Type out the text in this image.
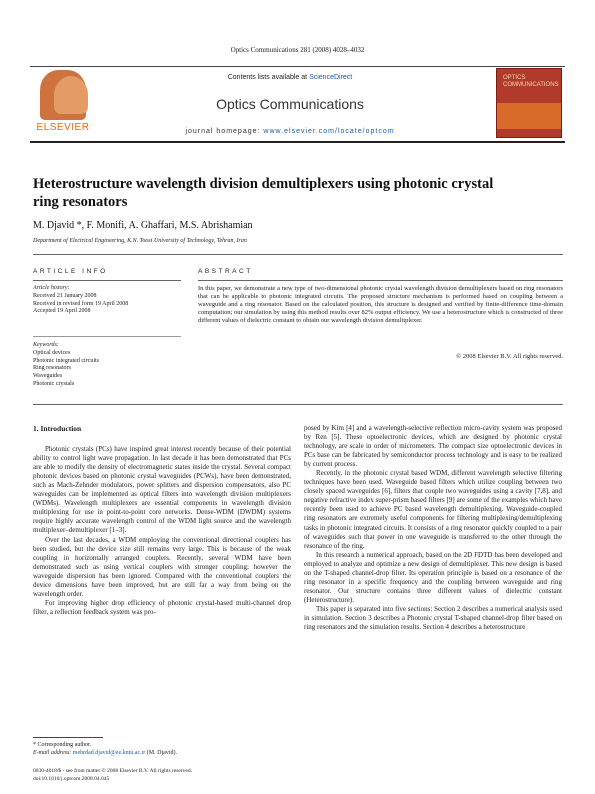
Optics Communications 281 (2008) 4028–4032
ELSEVIER
Contents lists available at ScienceDirect
Optics Communications
journal homepage: www.elsevier.com/locate/optcom
OPTICS COMMUNICATIONS
Heterostructure wavelength division demultiplexers using photonic crystal ring resonators
M. Djavid *, F. Monifi, A. Ghaffari, M.S. Abrishamian
Department of Electrical Engineering, K.N. Toosi University of Technology, Tehran, Iran
ARTICLE INFO	ABSTRACT
Article history:
Received 21 January 2008
Received in revised form 19 April 2008
Accepted 19 April 2008
Keywords:
Optical devices
Photonic integrated circuits
Ring resonators
Waveguides
Photonic crystals
In this paper, we demonstrate a new type of two-dimensional photonic crystal wavelength division demultiplexers based on ring resonators that can be applicable to photonic integrated circuits. The proposed structure mechanism is performed based on coupling between a waveguide and a ring resonator. Based on the calculated position, this structure is designed and verified by finite-difference time-domain computation; our simulation by using this method results over 82% output efficiency. We use a heterostructure which is constructed of three different values of dielectric constant to obtain our wavelength division demultiplexer.
© 2008 Elsevier B.V. All rights reserved.
1. Introduction

Photonic crystals (PCs) have inspired great interest recently because of their potential ability to control light wave propagation. In last decade it has been demonstrated that PCs are able to modify the density of electromagnetic states inside the crystal. Several compact photonic devices based on photonic crystal waveguides (PCWs), have been demonstrated, such as Mach-Zehnder modulators, power splitters and dispersion compensators, also PC waveguides can be implemented as optical filters into wavelength division multiplexers (WDMs). Wavelength multiplexers are essential components in wavelength division multiplexing for use in point-to-point core networks. Dense-WDM (DWDM) systems require highly accurate wavelength control of the WDM light source and the wavelength multiplexer–demultiplexer [1–3].

Over the last decades, a WDM employing the conventional directional couplers has been studied, but the device size still remains very large. This is because of the weak coupling in horizontally arranged couplers. Recently, several WDM have been demonstrated such as using vertical couplers with stronger coupling; however the waveguide dispersion has been ignored. Compared with the conventional couplers the device dimensions have been improved, but are still far a way from being on the wavelength order.

For improving higher drop efficiency of photonic crystal-based multi-channel drop filter, a reflection feedback system was pro-

posed by Kim [4] and a wavelength-selective reflection micro-cavity system was proposed by Ren [5]. These optoelectronic devices, which are designed by photonic crystal technology, are scale in order of micrometers. The compact size optoelectronic devices in PCs base can be fabricated by semiconductor process technology and is easy to be realized by current process.

Recently, in the photonic crystal based WDM, different wavelength selective filtering techniques have been used. Waveguide based filters which utilize coupling between two closely spaced waveguides [6], filters that couple two waveguides using a cavity [7,8], and negative refractive index super-prism based filters [9] are some of the examples which have recently been used to achieve PC based wavelength demultiplexing. Waveguide-coupled ring resonators are extremely useful components for filtering multiplexing/demultiplexing tasks in photonic integrated circuits. It consists of a ring resonator quickly coupled to a pair of waveguides such that power in one waveguide is transferred to the other through the resonance of the ring.

In this research a numerical approach, based on the 2D FDTD has been developed and employed to analyze and optimize a new design of demultiplexer. This new design is based on the T-shaped channel-drop filter. Its operation principle is based on a resonance of the ring resonator in a specific frequency and the coupling between waveguide and ring resonator. Our structure contains three different values of dielectric constant (Heterostructure).

This paper is separated into five sections: Section 2 describes a numerical analysis used in simulation. Section 3 describes a Photonic crystal T-shaped channel-drop filter based on ring resonators and the simulation results. Section 4 describes a heterostructure

* Corresponding author.
E-mail address: mehrdad.djavid@ee.kntu.ac.ir (M. Djavid).
0030-4018/$ - see front matter © 2008 Elsevier B.V. All rights reserved.
doi:10.1016/j.optcom.2008.04.045
